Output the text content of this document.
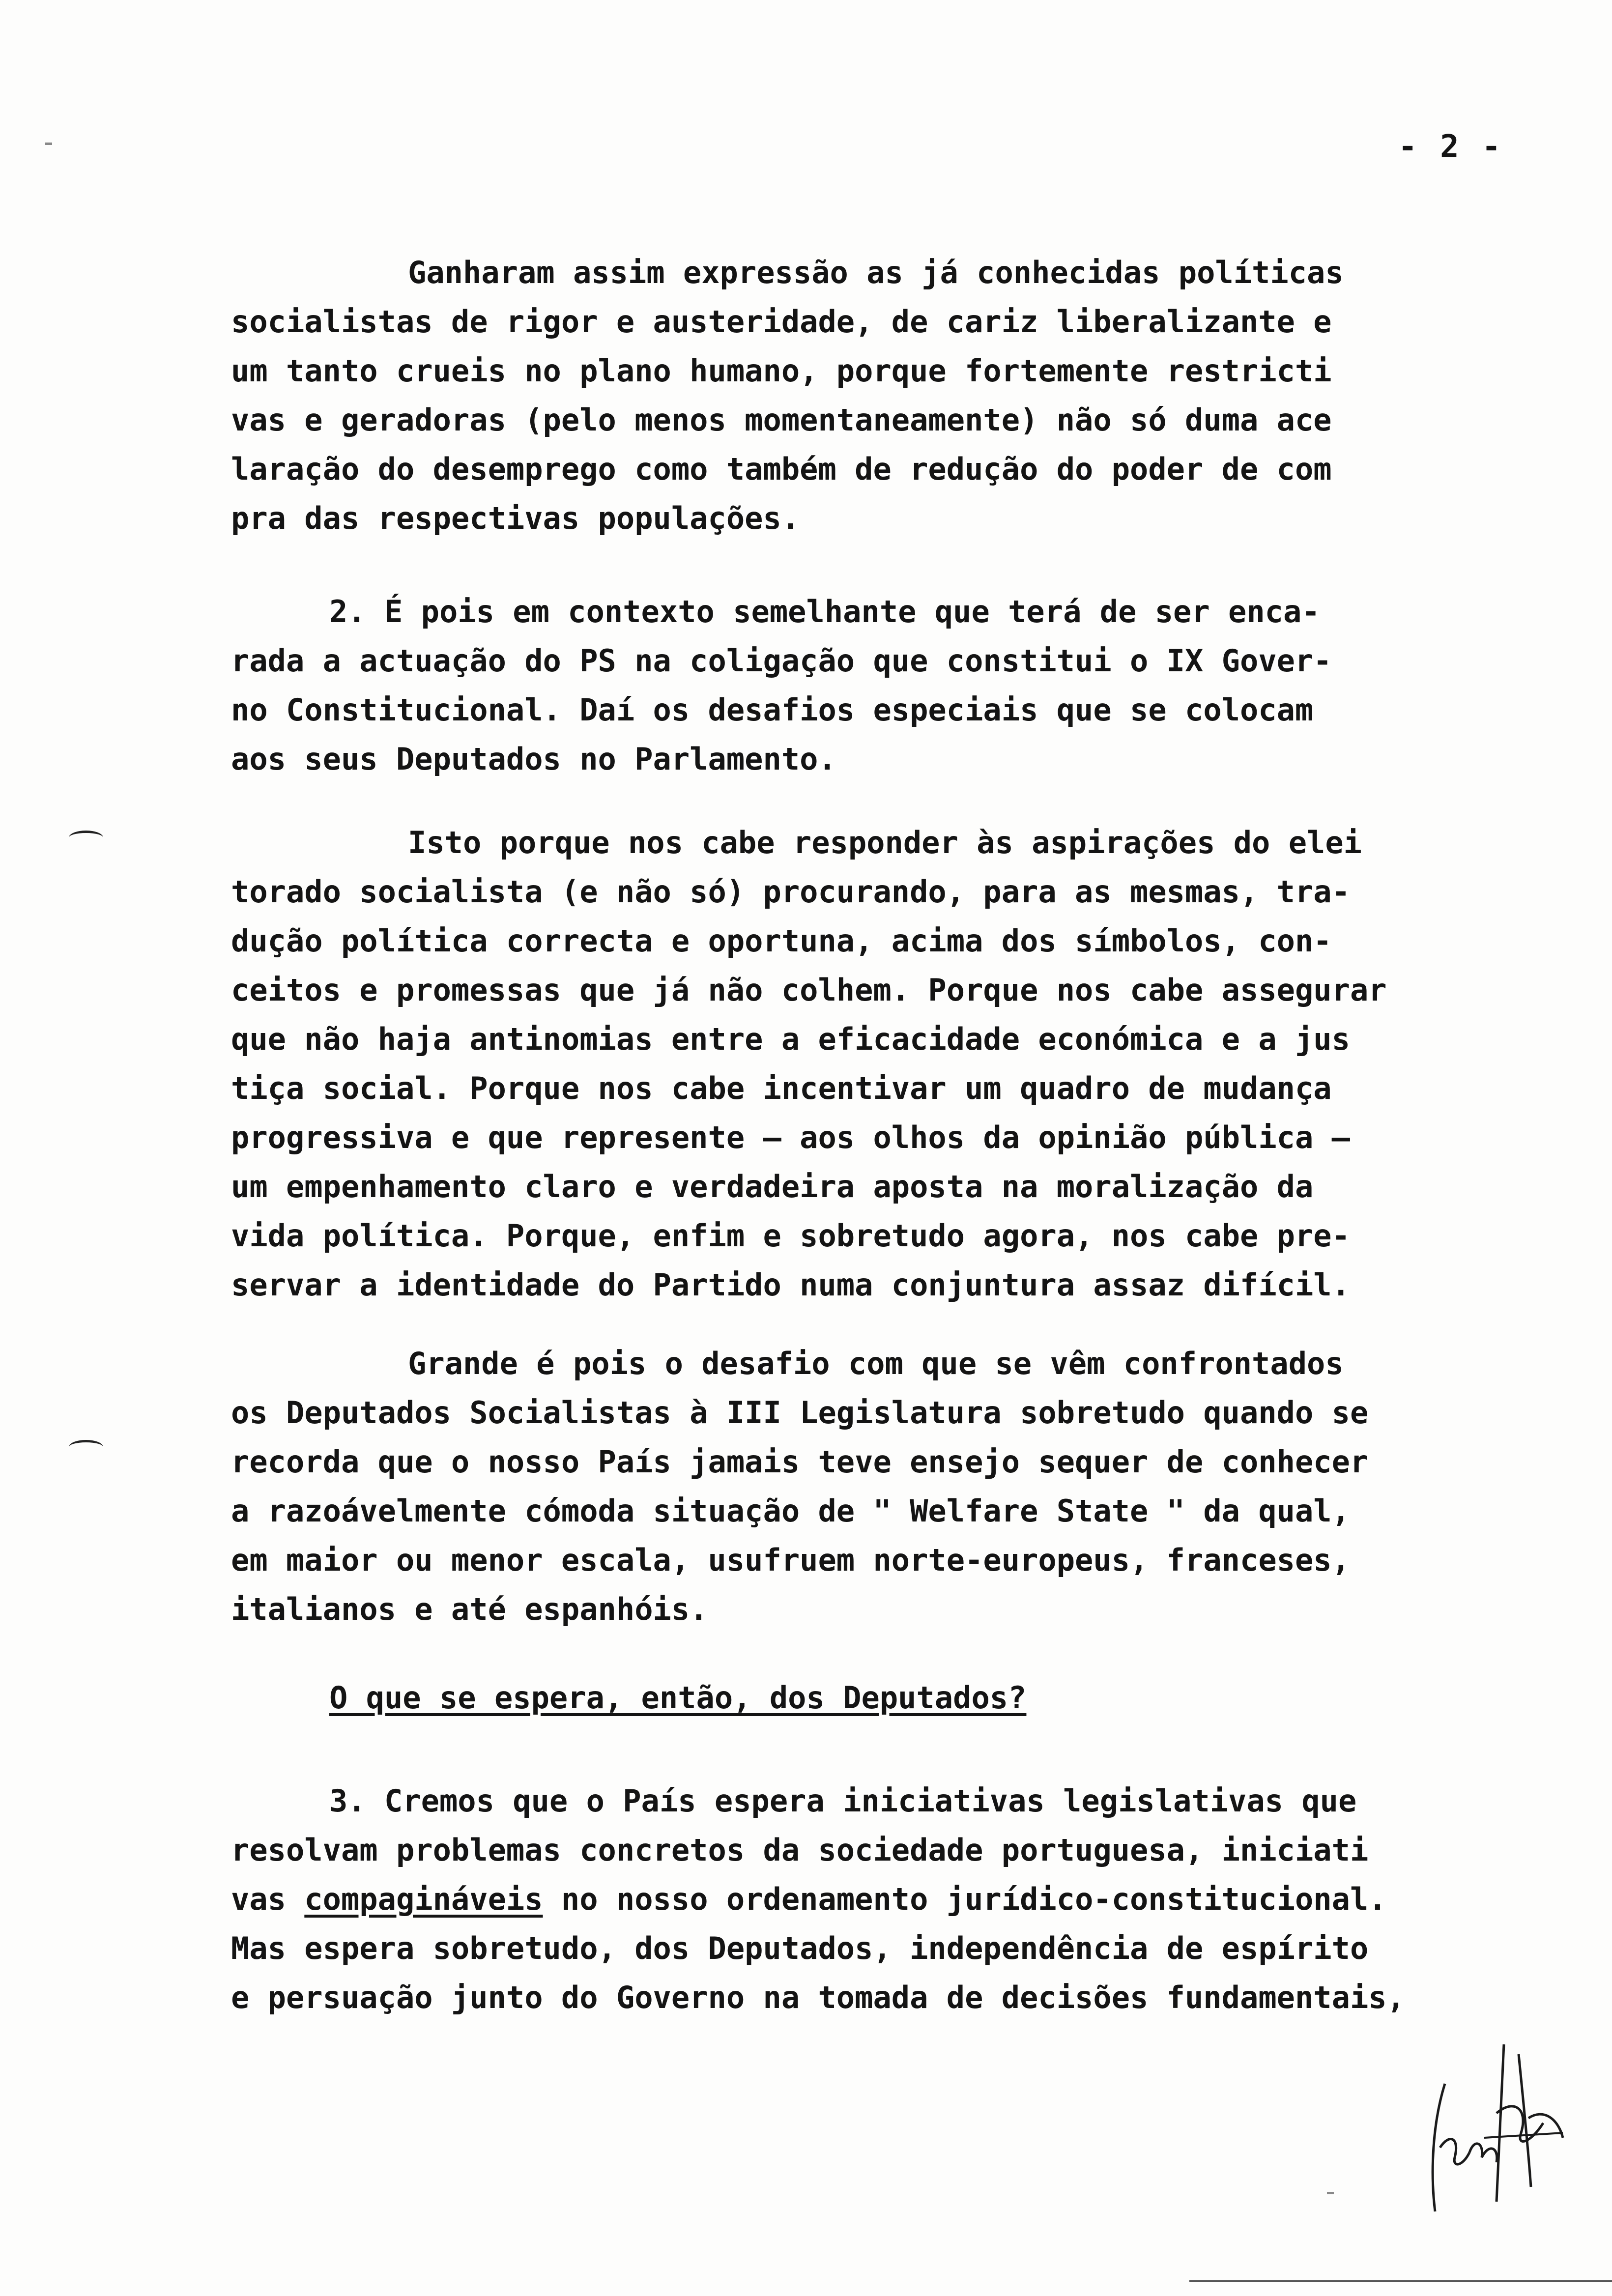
- 2 -
Ganharam assim expressão as já conhecidas políticas
socialistas de rigor e austeridade, de cariz liberalizante e
um tanto crueis no plano humano, porque fortemente restricti
vas e geradoras (pelo menos momentaneamente) não só duma ace
laração do desemprego como também de redução do poder de com
pra das respectivas populações.
2. É pois em contexto semelhante que terá de ser enca-
rada a actuação do PS na coligação que constitui o IX Gover-
no Constitucional. Daí os desafios especiais que se colocam
aos seus Deputados no Parlamento.
Isto porque nos cabe responder às aspirações do elei
torado socialista (e não só) procurando, para as mesmas, tra-
dução política correcta e oportuna, acima dos símbolos, con-
ceitos e promessas que já não colhem. Porque nos cabe assegurar
que não haja antinomias entre a eficacidade económica e a jus
tiça social. Porque nos cabe incentivar um quadro de mudança
progressiva e que represente — aos olhos da opinião pública —
um empenhamento claro e verdadeira aposta na moralização da
vida política. Porque, enfim e sobretudo agora, nos cabe pre-
servar a identidade do Partido numa conjuntura assaz difícil.
Grande é pois o desafio com que se vêm confrontados
os Deputados Socialistas à III Legislatura sobretudo quando se
recorda que o nosso País jamais teve ensejo sequer de conhecer
a razoávelmente cómoda situação de " Welfare State " da qual,
em maior ou menor escala, usufruem norte-europeus, franceses,
italianos e até espanhóis.
O que se espera, então, dos Deputados?
3. Cremos que o País espera iniciativas legislativas que
resolvam problemas concretos da sociedade portuguesa, iniciati
vas compagináveis no nosso ordenamento jurídico-constitucional.
Mas espera sobretudo, dos Deputados, independência de espírito
e persuação junto do Governo na tomada de decisões fundamentais,
